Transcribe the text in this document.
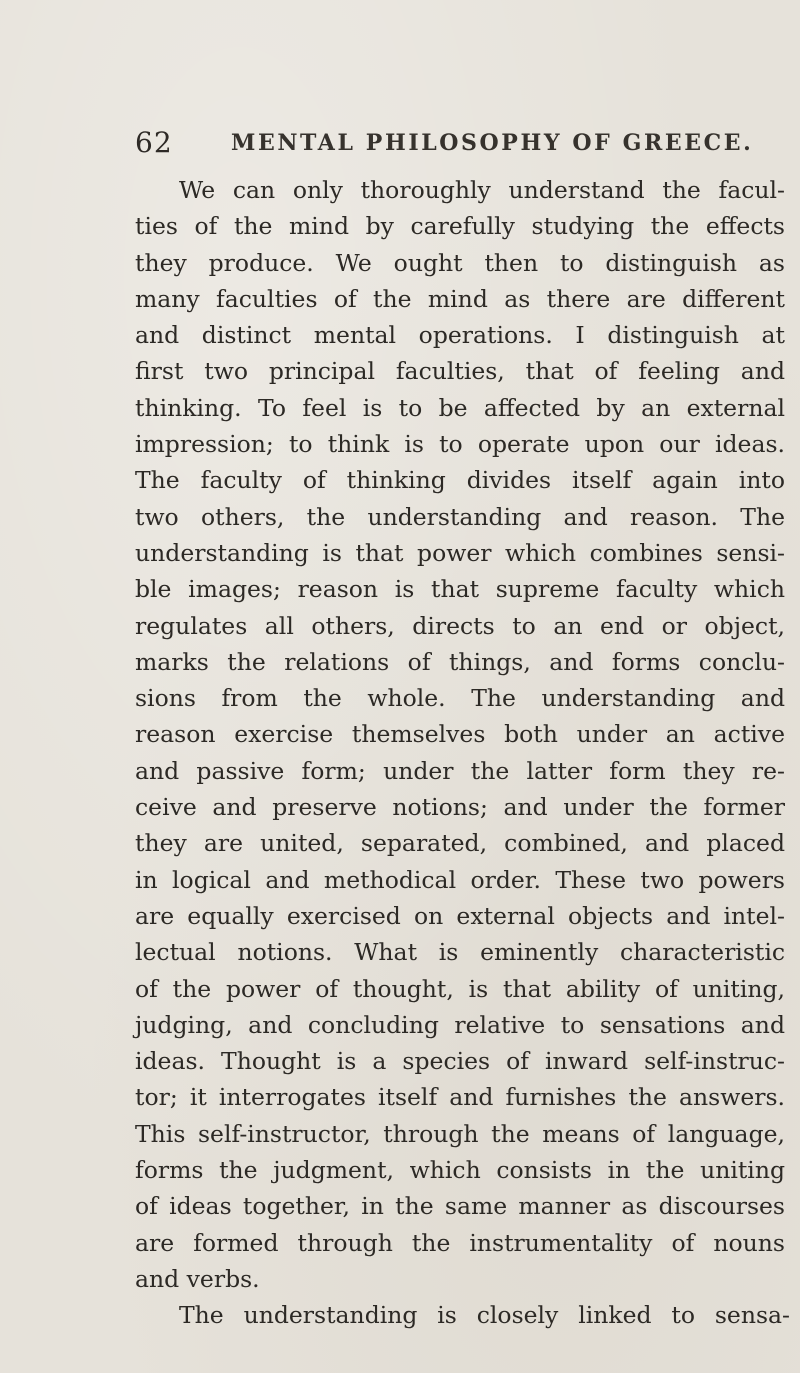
62	MENTAL PHILOSOPHY OF GREECE.
We can only thoroughly understand the facul-
ties of the mind by carefully studying the effects
they produce. We ought then to distinguish as
many faculties of the mind as there are different
and distinct mental operations. I distinguish at
first two principal faculties, that of feeling and
thinking. To feel is to be affected by an external
impression; to think is to operate upon our ideas.
The faculty of thinking divides itself again into
two others, the understanding and reason. The
understanding is that power which combines sensi-
ble images; reason is that supreme faculty which
regulates all others, directs to an end or object,
marks the relations of things, and forms conclu-
sions from the whole. The understanding and
reason exercise themselves both under an active
and passive form; under the latter form they re-
ceive and preserve notions; and under the former
they are united, separated, combined, and placed
in logical and methodical order. These two powers
are equally exercised on external objects and intel-
lectual notions. What is eminently characteristic
of the power of thought, is that ability of uniting,
judging, and concluding relative to sensations and
ideas. Thought is a species of inward self-instruc-
tor; it interrogates itself and furnishes the answers.
This self-instructor, through the means of language,
forms the judgment, which consists in the uniting
of ideas together, in the same manner as discourses
are formed through the instrumentality of nouns
and verbs.
The understanding is closely linked to sensa-
